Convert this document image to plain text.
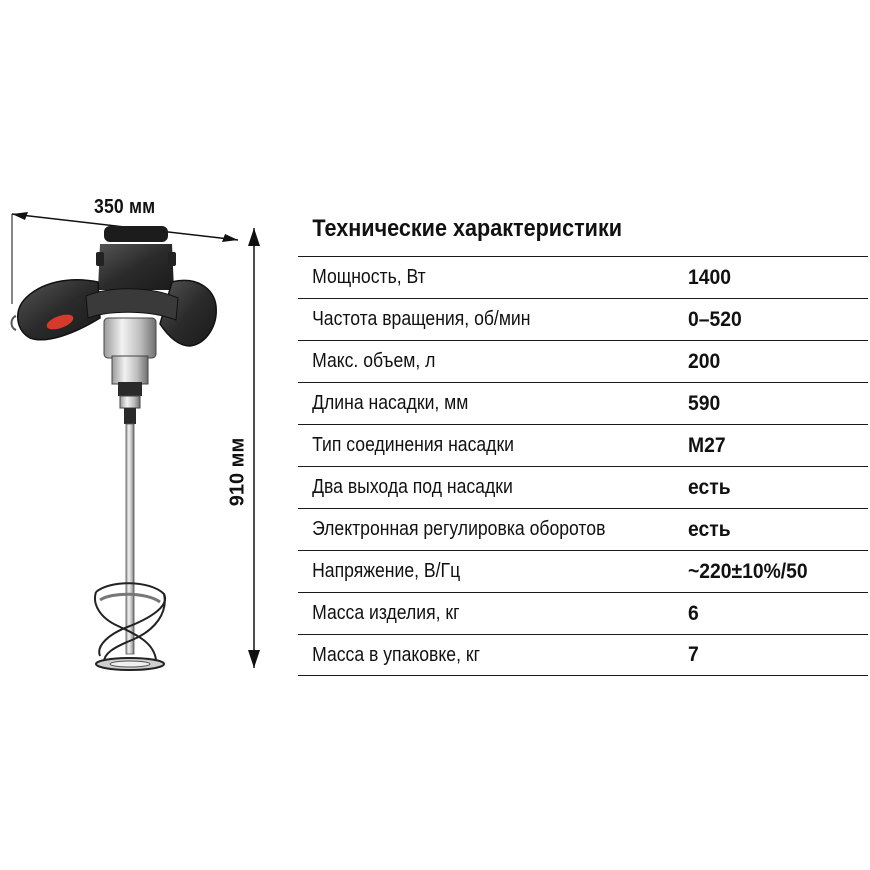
350 мм
910 мм
Технические характеристики
Мощность, Вт	1400
Частота вращения, об/мин	0–520
Макс. объем, л	200
Длина насадки, мм	590
Тип соединения насадки	M27
Два выхода под насадки	есть
Электронная регулировка оборотов	есть
Напряжение, В/Гц	~220±10%/50
Масса изделия, кг	6
Масса в упаковке, кг	7
